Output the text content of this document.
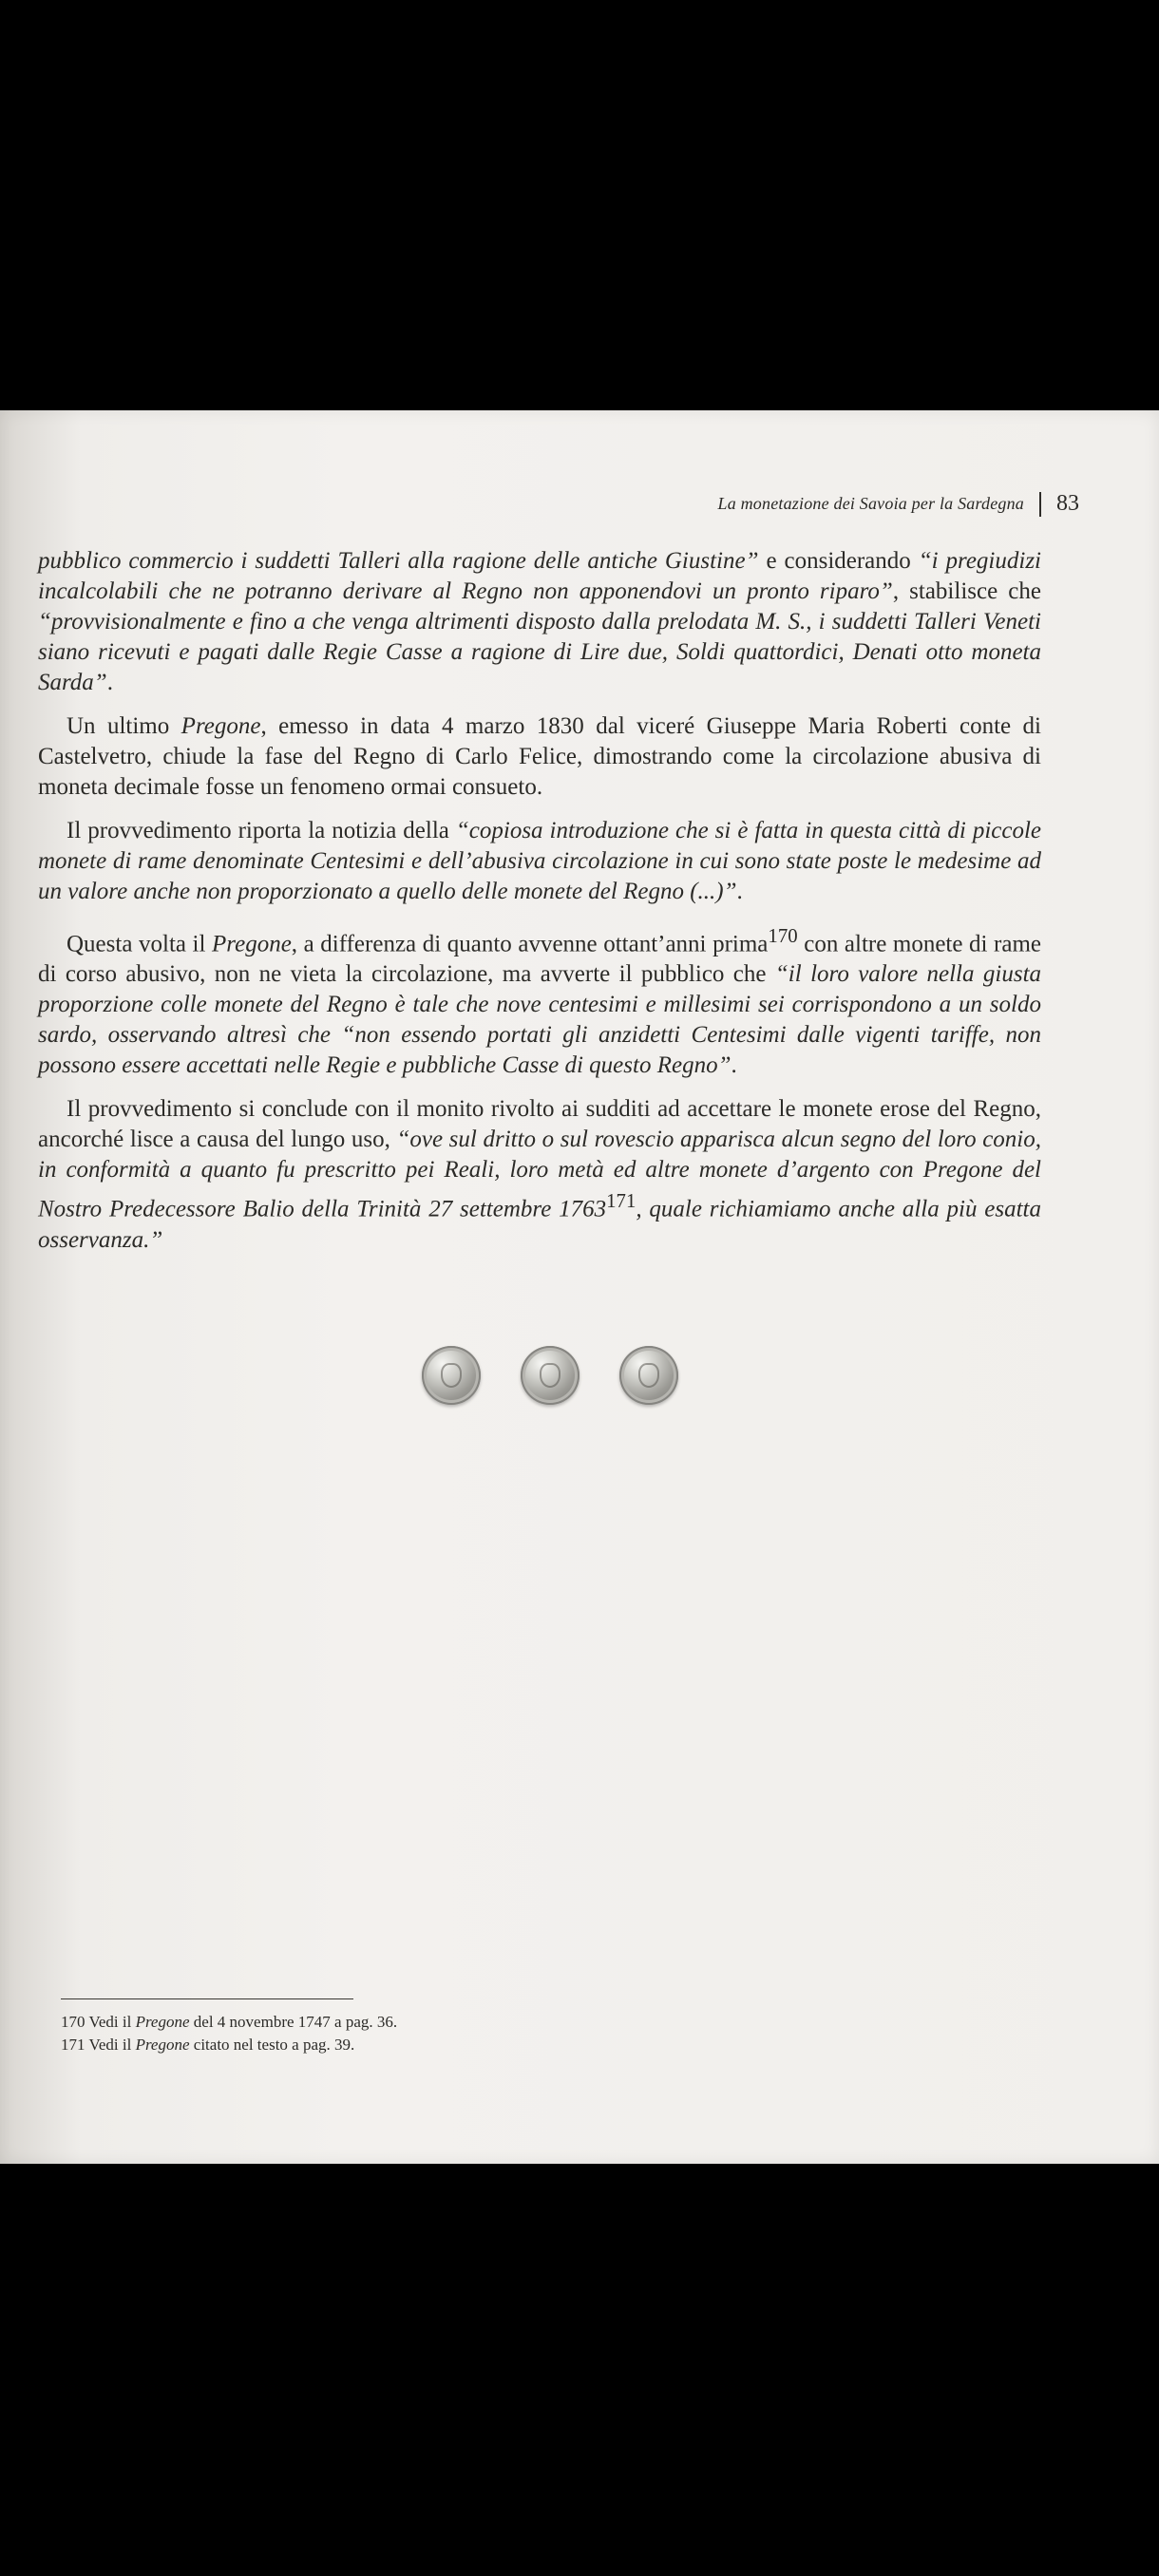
La monetazione dei Savoia per la Sardegna 83

pubblico commercio i suddetti Talleri alla ragione delle antiche Giustine” e considerando “i pregiudizi incalcolabili che ne potranno derivare al Regno non apponendovi un pronto riparo”, stabilisce che “provvisionalmente e fino a che venga altrimenti disposto dalla prelodata M. S., i suddetti Talleri Veneti siano ricevuti e pagati dalle Regie Casse a ragione di Lire due, Soldi quattordici, Denati otto moneta Sarda”.

Un ultimo Pregone, emesso in data 4 marzo 1830 dal viceré Giuseppe Maria Roberti conte di Castelvetro, chiude la fase del Regno di Carlo Felice, dimostrando come la circolazione abusiva di moneta decimale fosse un fenomeno ormai consueto.

Il provvedimento riporta la notizia della “copiosa introduzione che si è fatta in questa città di piccole monete di rame denominate Centesimi e dell’abusiva circolazione in cui sono state poste le medesime ad un valore anche non proporzionato a quello delle monete del Regno (...)”.

Questa volta il Pregone, a differenza di quanto avvenne ottant’anni prima$^{170}$ con altre monete di rame di corso abusivo, non ne vieta la circolazione, ma avverte il pubblico che “il loro valore nella giusta proporzione colle monete del Regno è tale che nove centesimi e millesimi sei corrispondono a un soldo sardo, osservando altresì che “non essendo portati gli anzidetti Centesimi dalle vigenti tariffe, non possono essere accettati nelle Regie e pubbliche Casse di questo Regno”.

Il provvedimento si conclude con il monito rivolto ai sudditi ad accettare le monete erose del Regno, ancorché lisce a causa del lungo uso, “ove sul dritto o sul rovescio apparisca alcun segno del loro conio, in conformità a quanto fu prescritto pei Reali, loro metà ed altre monete d’argento con Pregone del Nostro Predecessore Balio della Trinità 27 settembre 1763$^{171}$, quale richiamiamo anche alla più esatta osservanza.”

170 Vedi il Pregone del 4 novembre 1747 a pag. 36.
171 Vedi il Pregone citato nel testo a pag. 39.
